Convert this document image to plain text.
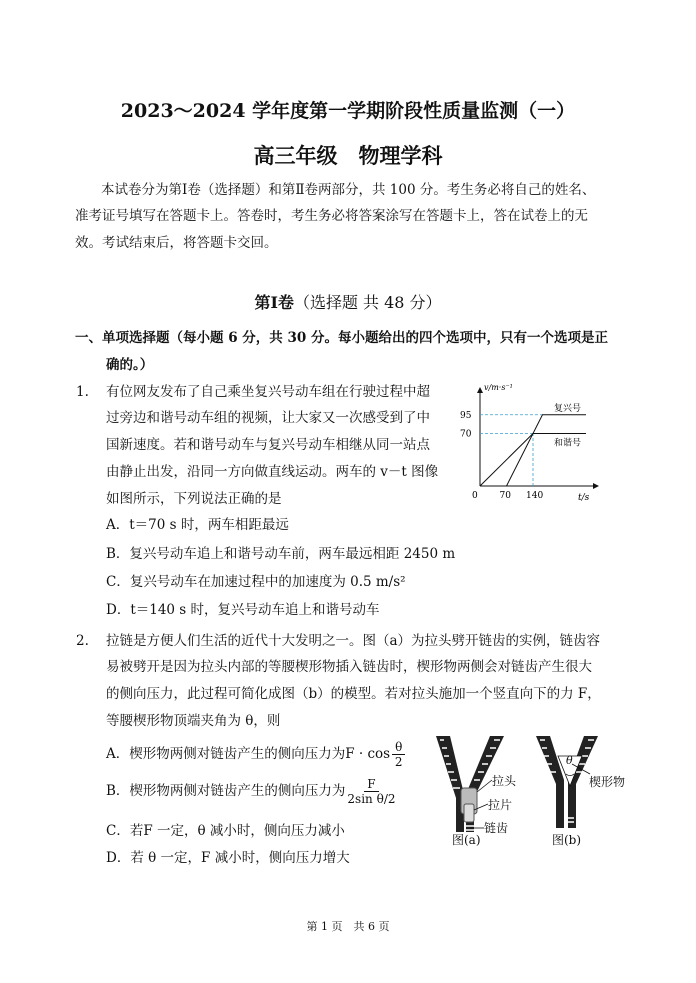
2023～2024 学年度第一学期阶段性质量监测（一）
高三年级　物理学科
本试卷分为第Ⅰ卷（选择题）和第Ⅱ卷两部分，共 100 分。考生务必将自己的姓名、
准考证号填写在答题卡上。答卷时，考生务必将答案涂写在答题卡上，答在试卷上的无
效。考试结束后，将答题卡交回。
第Ⅰ卷（选择题 共 48 分）
一、单项选择题（每小题 6 分，共 30 分。每小题给出的四个选项中，只有一个选项是正
确的。）
1. 有位网友发布了自己乘坐复兴号动车组在行驶过程中超
过旁边和谐号动车组的视频，让大家又一次感受到了中
国新速度。若和谐号动车与复兴号动车相继从同一站点
由静止出发，沿同一方向做直线运动。两车的 v－t 图像
如图所示，下列说法正确的是
A．t＝70 s 时，两车相距最远
B．复兴号动车追上和谐号动车前，两车最远相距 2450 m
C．复兴号动车在加速过程中的加速度为 0.5 m/s²
D．t＝140 s 时，复兴号动车追上和谐号动车
v/m·s⁻¹
t/s
0
95
70
70 140
复兴号
和谐号
2. 拉链是方便人们生活的近代十大发明之一。图（a）为拉头劈开链齿的实例，链齿容
易被劈开是因为拉头内部的等腰楔形物插入链齿时，楔形物两侧会对链齿产生很大
的侧向压力，此过程可简化成图（b）的模型。若对拉头施加一个竖直向下的力 F，
等腰楔形物顶端夹角为 θ，则
A．楔形物两侧对链齿产生的侧向压力为$F \cdot \cos \frac{\theta}{2}$
B．楔形物两侧对链齿产生的侧向压力为 $\frac{F}{\text{2sin θ/2}}$
C．若F 一定，θ 减小时，侧向压力减小
D．若 θ 一定，F 减小时，侧向压力增大
拉头
拉片
链齿
图(a)
θ
楔形物
图(b)
第 1 页　共 6 页
